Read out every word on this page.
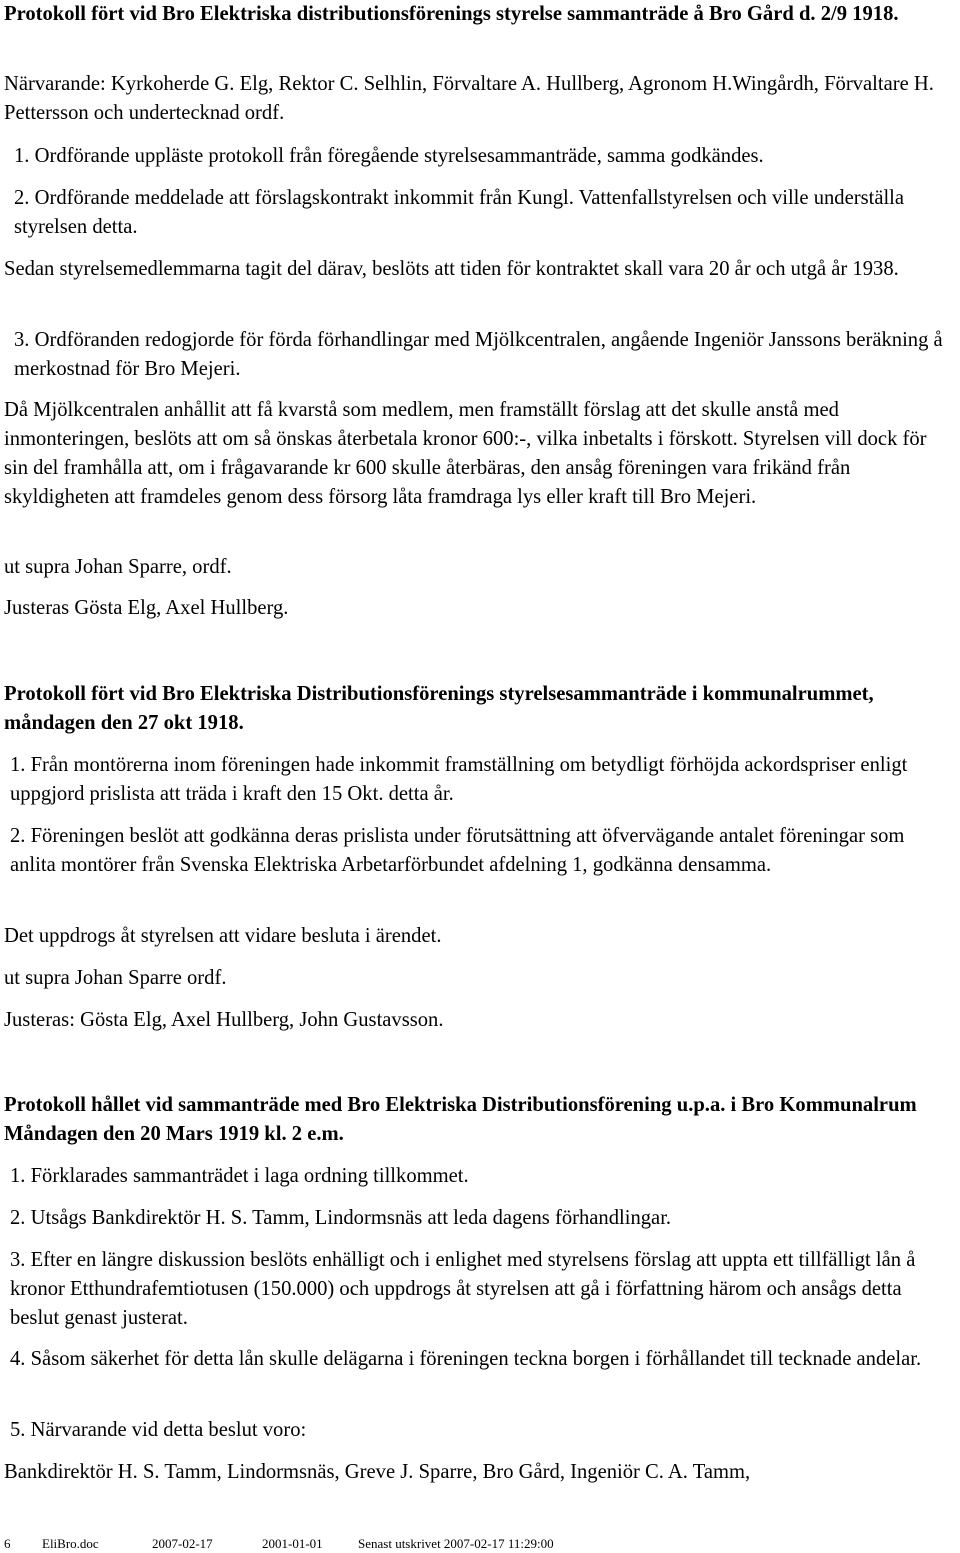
Protokoll fört vid Bro Elektriska distributionsförenings styrelse sammanträde å Bro Gård d. 2/9 1918.

Närvarande: Kyrkoherde G. Elg, Rektor C. Selhlin, Förvaltare A. Hullberg, Agronom H.Wingårdh, Förvaltare H. Pettersson och undertecknad ordf.

1. Ordförande uppläste protokoll från föregående styrelsesammanträde, samma godkändes.

2. Ordförande meddelade att förslagskontrakt inkommit från Kungl. Vattenfallstyrelsen och ville underställa styrelsen detta.

Sedan styrelsemedlemmarna tagit del därav, beslöts att tiden för kontraktet skall vara 20 år och utgå år 1938.

3. Ordföranden redogjorde för förda förhandlingar med Mjölkcentralen, angående Ingeniör Janssons beräkning å merkostnad för Bro Mejeri.

Då Mjölkcentralen anhållit att få kvarstå som medlem, men framställt förslag att det skulle anstå med inmonteringen, beslöts att om så önskas återbetala kronor 600:-, vilka inbetalts i förskott. Styrelsen vill dock för sin del framhålla att, om i frågavarande kr 600 skulle återbäras, den ansåg föreningen vara frikänd från skyldigheten att framdeles genom dess försorg låta framdraga lys eller kraft till Bro Mejeri.

ut supra Johan Sparre, ordf.

Justeras Gösta Elg, Axel Hullberg.

Protokoll fört vid Bro Elektriska Distributionsförenings styrelsesammanträde i kommunalrummet, måndagen den 27 okt 1918.

1. Från montörerna inom föreningen hade inkommit framställning om betydligt förhöjda ackordspriser enligt uppgjord prislista att träda i kraft den 15 Okt. detta år.

2. Föreningen beslöt att godkänna deras prislista under förutsättning att öfvervägande antalet föreningar som anlita montörer från Svenska Elektriska Arbetarförbundet afdelning 1, godkänna densamma.

Det uppdrogs åt styrelsen att vidare besluta i ärendet.

ut supra Johan Sparre ordf.

Justeras: Gösta Elg, Axel Hullberg, John Gustavsson.

Protokoll hållet vid sammanträde med Bro Elektriska Distributionsförening u.p.a. i Bro Kommunalrum Måndagen den 20 Mars 1919 kl. 2 e.m.

1. Förklarades sammanträdet i laga ordning tillkommet.

2. Utsågs Bankdirektör H. S. Tamm, Lindormsnäs att leda dagens förhandlingar.

3. Efter en längre diskussion beslöts enhälligt och i enlighet med styrelsens förslag att uppta ett tillfälligt lån å kronor Etthundrafemtiotusen (150.000) och uppdrogs åt styrelsen att gå i författning härom och ansågs detta beslut genast justerat.

4. Såsom säkerhet för detta lån skulle delägarna i föreningen teckna borgen i förhållandet till tecknade andelar.

5. Närvarande vid detta beslut voro:

Bankdirektör H. S. Tamm, Lindormsnäs, Greve J. Sparre, Bro Gård, Ingeniör C. A. Tamm,

6 EliBro.doc	2007-02-17	2001-01-01	Senast utskrivet 2007-02-17 11:29:00
